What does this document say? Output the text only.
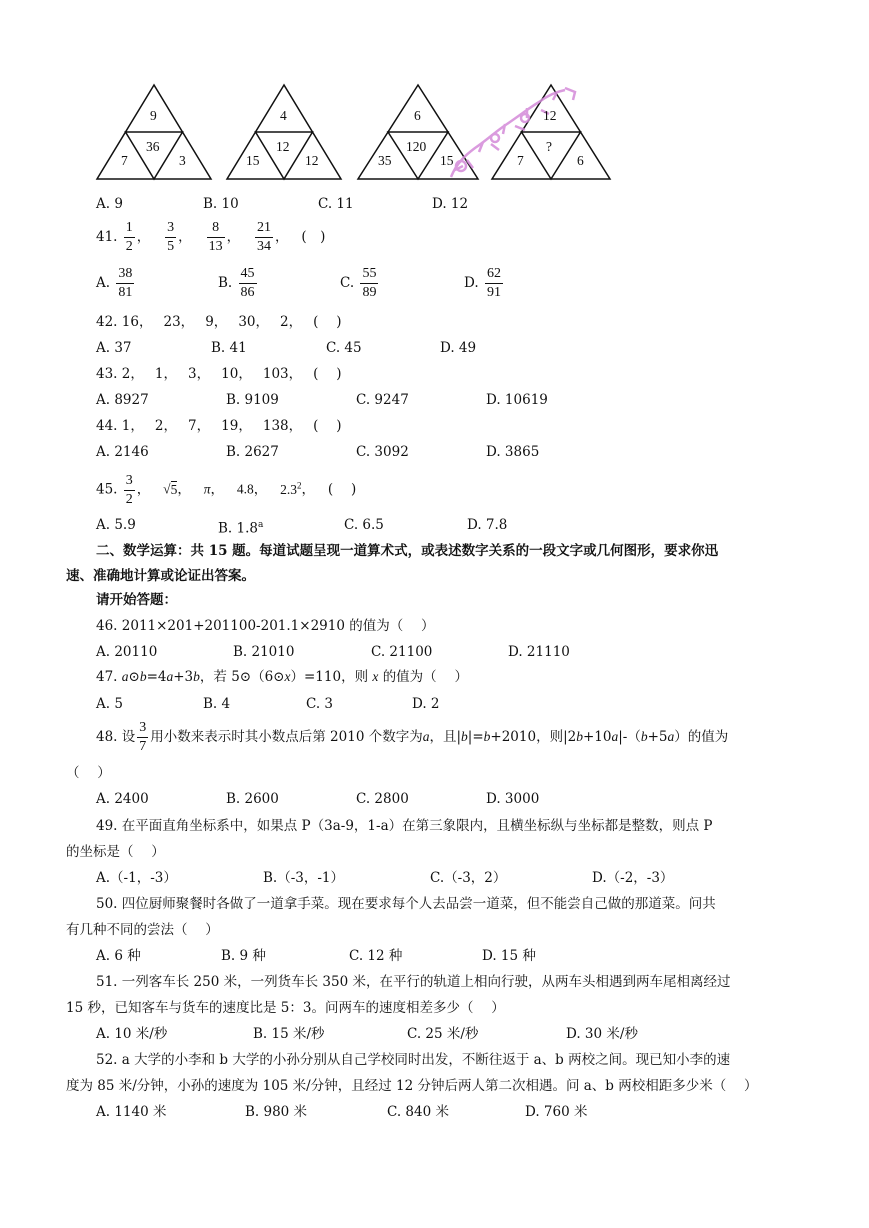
9
36
7	3
4
12
15	12
6
120
35	15
12
?
7	6
A. 9	B. 10	C. 11	D. 12
41. $\frac{1}{2}$ ， $\frac{3}{5}$ ， $\frac{8}{13}$ ， $\frac{21}{34}$ ，   (　)
A. $\frac{38}{81}$	B. $\frac{45}{86}$	C. $\frac{55}{89}$	D. $\frac{62}{91}$
42. 16，　 23，　 9，　 30，　 2，　 (　 )
A. 37	B. 41	C. 45	D. 49
43. 2，　 1，　 3，　 10，　 103，　 (　 )
A. 8927	B. 9109	C. 9247	D. 10619
44. 1，　 2，　 7，　 19，　 138，　 (　 )
A. 2146	B. 2627	C. 3092	D. 3865
45. $\frac{3}{2}$ ，   √5，   π，   4.8，   $2.3^2$，   (　 )
A. 5.9	B. 1.8$^a$	C. 6.5	D. 7.8
二、数学运算：共 15 题。每道试题呈现一道算术式，或表述数字关系的一段文字或几何图形，要求你迅
速、准确地计算或论证出答案。
请开始答题：
46. 2011×201+201100-201.1×2910 的值为（　 ）
A. 20110	B. 21010	C. 21100	D. 21110
47. a⊙b=4a+3b，若 5⊙（6⊙x）=110，则 x 的值为（　 ）
A. 5	B. 4	C. 3	D. 2
48. 设 $\frac{3}{7}$ 用小数来表示时其小数点后第 2010 个数字为a，且|b|=b+2010，则|2b+10a|-（b+5a）的值为
（　 ）
A. 2400	B. 2600	C. 2800	D. 3000
49. 在平面直角坐标系中，如果点 P（3a-9，1-a）在第三象限内，且横坐标纵与坐标都是整数，则点 P
的坐标是（　 ）
A.（-1，-3）	B.（-3，-1）	C.（-3，2）	D.（-2，-3）
50. 四位厨师聚餐时各做了一道拿手菜。现在要求每个人去品尝一道菜，但不能尝自己做的那道菜。问共
有几种不同的尝法（　 ）
A. 6 种	B. 9 种	C. 12 种	D. 15 种
51. 一列客车长 250 米，一列货车长 350 米，在平行的轨道上相向行驶，从两车头相遇到两车尾相离经过
15 秒，已知客车与货车的速度比是 5：3。问两车的速度相差多少（　 ）
A. 10 米/秒	B. 15 米/秒	C. 25 米/秒	D. 30 米/秒
52. a 大学的小李和 b 大学的小孙分别从自己学校同时出发，不断往返于 a、b 两校之间。现已知小李的速
度为 85 米/分钟，小孙的速度为 105 米/分钟，且经过 12 分钟后两人第二次相遇。问 a、b 两校相距多少米（　 ）
A. 1140 米	B. 980 米	C. 840 米	D. 760 米
